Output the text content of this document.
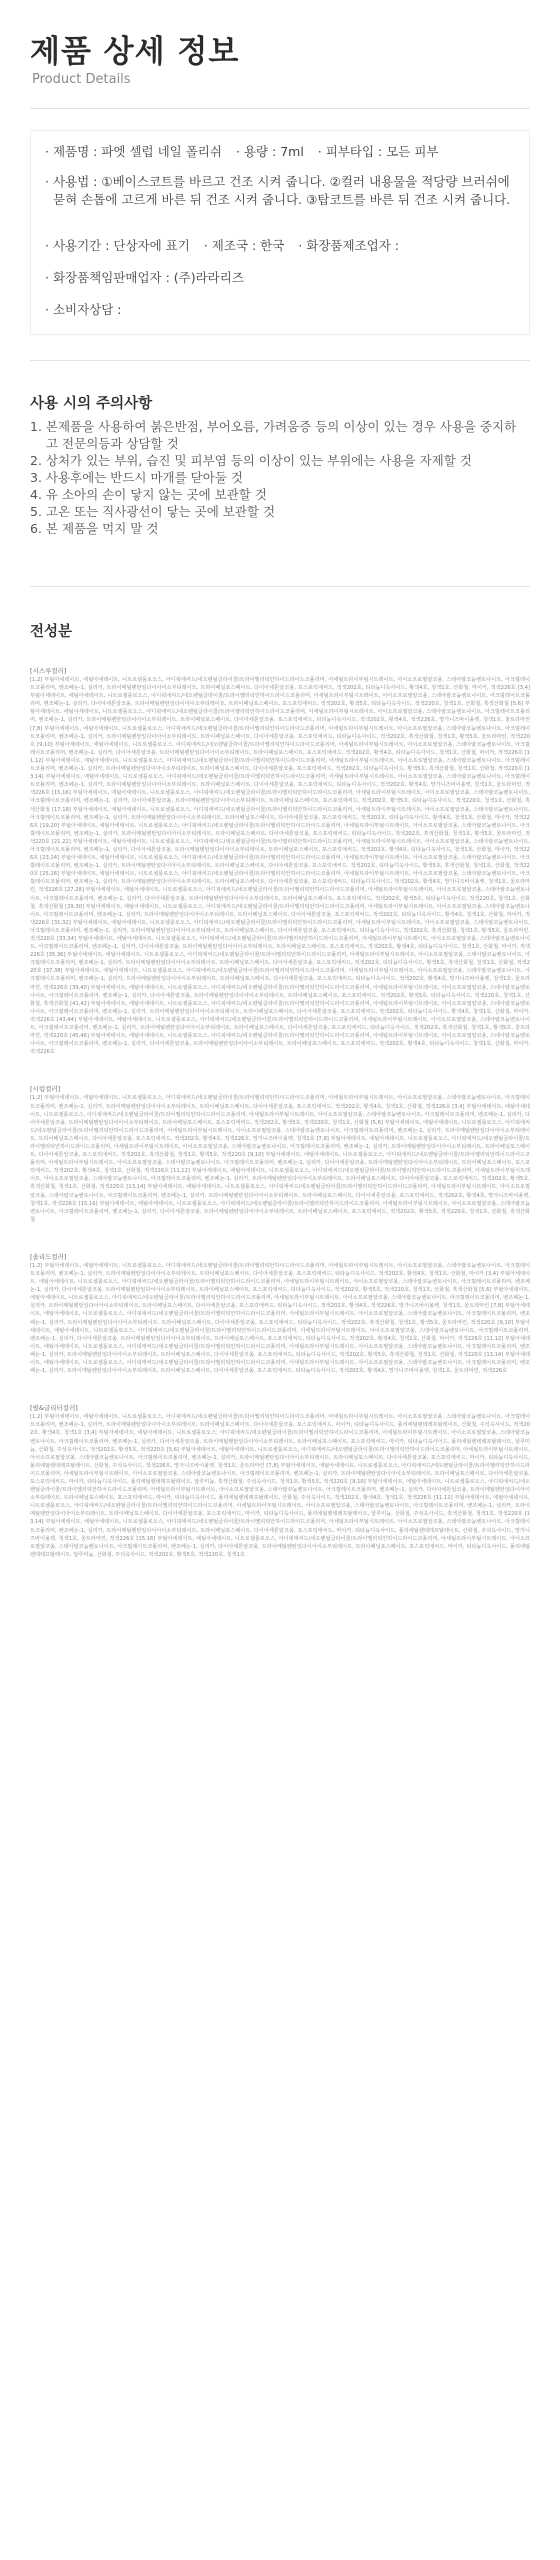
제품 상세 정보
Product Details
· 제품명 : 파엣 셀럽 네일 폴리쉬 · 용량 : 7ml · 피부타입 : 모든 피부
· 사용법 : ①베이스코트를 바르고 건조 시켜 줍니다. ②컬러 내용물을 적당량 브러쉬에 묻혀 손톱에 고르게 바른 뒤 건조 시켜 줍니다. ③탑코트를 바른 뒤 건조 시켜 줍니다.
· 사용기간 : 단상자에 표기 · 제조국 : 한국 · 화장품제조업자 :
· 화장품책임판매업자 : (주)라라리즈
· 소비자상담 :
사용 시의 주의사항
1. 본제품을 사용하여 붉은반점, 부어오름, 가려움증 등의 이상이 있는 경우 사용을 중지하고 전문의등과 상담할 것
2. 상처가 있는 부위, 습진 및 피부염 등의 이상이 있는 부위에는 사용을 자제할 것
3. 사용후에는 반드시 마개를 닫아둘 것
4. 유 소아의 손이 닿지 않는 곳에 보관할 것
5. 고온 또는 직사광선이 닿는 곳에 보관할 것
6. 본 제품을 먹지 말 것
전성분
[시스루컬러]
[1,2] 부틸아세테이트, 에틸아세테이트, 니트로셀룰로오스, 아디픽애씨드/네오펜틸글라이콜/트라이멜리틱안하이드라이드코폴리머, 아세틸트라이부틸시트레이트, 아이소프로필알코올, 스테아랄코늄벤토나이트, 아크릴레이트코폴리머, 벤조페논-1, 실리카, 트라이메틸펜탄일다이아이소부티레이트, 트라이페닐포스페이트, 다이아세톤알코올, 포스포릭애씨드, 적색202호, 티타늄디옥사이드, 황색4호, 청색1호, 산화철, 마이카, 적색226호 [3,4] 부틸아세테이트, 에틸아세테이트, 니트로셀룰로오스, 아디픽애씨드/네오펜틸글라이콜/트라이멜리틱안하이드라이드코폴리머, 아세틸트라이부틸시트레이트, 아이소프로필알코올, 스테아랄코늄벤토나이트, 아크릴레이트코폴리머, 벤조페논-1, 실리카, 다이아세톤알코올, 트라이메틸펜탄일다이아이소부티레이트, 트라이페닐포스페이트, 포스포릭애씨드, 적색202호, 황색5호, 티타늄디옥사이드, 적색220호, 청색1호, 산화철, 흑색산화철 [5,6] 부틸아세테이트, 에틸아세테이트, 니트로셀룰로오스, 아디픽애씨드/네오펜틸글라이콜/트라이멜리틱안하이드라이드코폴리머, 아세틸트라이부틸시트레이트, 아이소프로필알코올, 스테아랄코늄벤토나이트, 아크릴레이트코폴리머, 벤조페논-1, 실리카, 트라이메틸펜탄일다이아이소부티레이트, 트라이페닐포스페이트, 다이아세톤알코올, 포스포릭애씨드, 티타늄디옥사이드, 적색202호, 황색4호, 적색226호, 망가니즈바이올렛, 청색1호, 울트라마린 [7,8] 부틸아세테이트, 에틸아세테이트, 니트로셀룰로오스, 아디픽애씨드/네오펜틸글라이콜/트라이멜리틱안하이드라이드코폴리머, 아세틸트라이부틸시트레이트, 아이소프로필알코올, 스테아랄코늄벤토나이트, 아크릴레이트코폴리머, 벤조페논-1, 실리카, 트라이메틸펜탄일다이아이소부티레이트, 트라이페닐포스페이트, 다이아세톤알코올, 포스포릭애씨드, 티타늄디옥사이드, 적색202호, 흑색산화철, 청색1호, 황색5호, 울트라마린, 적색220호 [9,10] 부틸아세테이트, 에틸아세테이트, 니트로셀룰로오스, 아디픽애씨드/네오펜틸글라이콜/트라이멜리틱안하이드라이드코폴리머, 아세틸트라이부틸시트레이트, 아이소프로필알코올, 스테아랄코늄벤토나이트, 아크릴레이트코폴리머, 벤조페논-1, 실리카, 다이아세톤알코올, 트라이메틸펜탄일다이아이소부티레이트, 트라이페닐포스페이트, 포스포릭애씨드, 적색202호, 황색4호, 티타늄디옥사이드, 청색1호, 산화철, 마이카, 적색226호 [11,12] 부틸아세테이트, 에틸아세테이트, 니트로셀룰로오스, 아디픽애씨드/네오펜틸글라이콜/트라이멜리틱안하이드라이드코폴리머, 아세틸트라이부틸시트레이트, 아이소프로필알코올, 스테아랄코늄벤토나이트, 아크릴레이트코폴리머, 벤조페논-1, 실리카, 트라이메틸펜탄일다이아이소부티레이트, 트라이페닐포스페이트, 다이아세톤알코올, 포스포릭애씨드, 적색202호, 티타늄디옥사이드, 황색5호, 흑색산화철, 청색1호, 산화철, 적색220호 [13,14] 부틸아세테이트, 에틸아세테이트, 니트로셀룰로오스, 아디픽애씨드/네오펜틸글라이콜/트라이멜리틱안하이드라이드코폴리머, 아세틸트라이부틸시트레이트, 아이소프로필알코올, 스테아랄코늄벤토나이트, 아크릴레이트코폴리머, 벤조페논-1, 실리카, 트라이메틸펜탄일다이아이소부티레이트, 트라이페닐포스페이트, 다이아세톤알코올, 포스포릭애씨드, 티타늄디옥사이드, 적색202호, 황색4호, 망가니즈바이올렛, 청색1호, 울트라마린, 적색226호 [15,16] 부틸아세테이트, 에틸아세테이트, 니트로셀룰로오스, 아디픽애씨드/네오펜틸글라이콜/트라이멜리틱안하이드라이드코폴리머, 아세틸트라이부틸시트레이트, 아이소프로필알코올, 스테아랄코늄벤토나이트, 아크릴레이트코폴리머, 벤조페논-1, 실리카, 다이아세톤알코올, 트라이메틸펜탄일다이아이소부티레이트, 트라이페닐포스페이트, 포스포릭애씨드, 적색202호, 황색5호, 티타늄디옥사이드, 적색220호, 청색1호, 산화철, 흑색산화철 [17,18] 부틸아세테이트, 에틸아세테이트, 니트로셀룰로오스, 아디픽애씨드/네오펜틸글라이콜/트라이멜리틱안하이드라이드코폴리머, 아세틸트라이부틸시트레이트, 아이소프로필알코올, 스테아랄코늄벤토나이트, 아크릴레이트코폴리머, 벤조페논-1, 실리카, 트라이메틸펜탄일다이아이소부티레이트, 트라이페닐포스페이트, 다이아세톤알코올, 포스포릭애씨드, 적색202호, 티타늄디옥사이드, 황색4호, 청색1호, 산화철, 마이카, 적색226호 [19,20] 부틸아세테이트, 에틸아세테이트, 니트로셀룰로오스, 아디픽애씨드/네오펜틸글라이콜/트라이멜리틱안하이드라이드코폴리머, 아세틸트라이부틸시트레이트, 아이소프로필알코올, 스테아랄코늄벤토나이트, 아크릴레이트코폴리머, 벤조페논-1, 실리카, 트라이메틸펜탄일다이아이소부티레이트, 트라이페닐포스페이트, 다이아세톤알코올, 포스포릭애씨드, 티타늄디옥사이드, 적색202호, 흑색산화철, 청색1호, 황색5호, 울트라마린, 적색220호 [21,22] 부틸아세테이트, 에틸아세테이트, 니트로셀룰로오스, 아디픽애씨드/네오펜틸글라이콜/트라이멜리틱안하이드라이드코폴리머, 아세틸트라이부틸시트레이트, 아이소프로필알코올, 스테아랄코늄벤토나이트, 아크릴레이트코폴리머, 벤조페논-1, 실리카, 다이아세톤알코올, 트라이메틸펜탄일다이아이소부티레이트, 트라이페닐포스페이트, 포스포릭애씨드, 적색202호, 황색4호, 티타늄디옥사이드, 청색1호, 산화철, 마이카, 적색226호 [23,24] 부틸아세테이트, 에틸아세테이트, 니트로셀룰로오스, 아디픽애씨드/네오펜틸글라이콜/트라이멜리틱안하이드라이드코폴리머, 아세틸트라이부틸시트레이트, 아이소프로필알코올, 스테아랄코늄벤토나이트, 아크릴레이트코폴리머, 벤조페논-1, 실리카, 트라이메틸펜탄일다이아이소부티레이트, 트라이페닐포스페이트, 다이아세톤알코올, 포스포릭애씨드, 적색202호, 티타늄디옥사이드, 황색5호, 흑색산화철, 청색1호, 산화철, 적색220호 [25,26] 부틸아세테이트, 에틸아세테이트, 니트로셀룰로오스, 아디픽애씨드/네오펜틸글라이콜/트라이멜리틱안하이드라이드코폴리머, 아세틸트라이부틸시트레이트, 아이소프로필알코올, 스테아랄코늄벤토나이트, 아크릴레이트코폴리머, 벤조페논-1, 실리카, 트라이메틸펜탄일다이아이소부티레이트, 트라이페닐포스페이트, 다이아세톤알코올, 포스포릭애씨드, 티타늄디옥사이드, 적색202호, 황색4호, 망가니즈바이올렛, 청색1호, 울트라마린, 적색226호 [27,28] 부틸아세테이트, 에틸아세테이트, 니트로셀룰로오스, 아디픽애씨드/네오펜틸글라이콜/트라이멜리틱안하이드라이드코폴리머, 아세틸트라이부틸시트레이트, 아이소프로필알코올, 스테아랄코늄벤토나이트, 아크릴레이트코폴리머, 벤조페논-1, 실리카, 다이아세톤알코올, 트라이메틸펜탄일다이아이소부티레이트, 트라이페닐포스페이트, 포스포릭애씨드, 적색202호, 황색5호, 티타늄디옥사이드, 적색220호, 청색1호, 산화철, 흑색산화철 [29,30] 부틸아세테이트, 에틸아세테이트, 니트로셀룰로오스, 아디픽애씨드/네오펜틸글라이콜/트라이멜리틱안하이드라이드코폴리머, 아세틸트라이부틸시트레이트, 아이소프로필알코올, 스테아랄코늄벤토나이트, 아크릴레이트코폴리머, 벤조페논-1, 실리카, 트라이메틸펜탄일다이아이소부티레이트, 트라이페닐포스페이트, 다이아세톤알코올, 포스포릭애씨드, 적색202호, 티타늄디옥사이드, 황색4호, 청색1호, 산화철, 마이카, 적색226호 [31,32] 부틸아세테이트, 에틸아세테이트, 니트로셀룰로오스, 아디픽애씨드/네오펜틸글라이콜/트라이멜리틱안하이드라이드코폴리머, 아세틸트라이부틸시트레이트, 아이소프로필알코올, 스테아랄코늄벤토나이트, 아크릴레이트코폴리머, 벤조페논-1, 실리카, 트라이메틸펜탄일다이아이소부티레이트, 트라이페닐포스페이트, 다이아세톤알코올, 포스포릭애씨드, 티타늄디옥사이드, 적색202호, 흑색산화철, 청색1호, 황색5호, 울트라마린, 적색220호 [33,34] 부틸아세테이트, 에틸아세테이트, 니트로셀룰로오스, 아디픽애씨드/네오펜틸글라이콜/트라이멜리틱안하이드라이드코폴리머, 아세틸트라이부틸시트레이트, 아이소프로필알코올, 스테아랄코늄벤토나이트, 아크릴레이트코폴리머, 벤조페논-1, 실리카, 다이아세톤알코올, 트라이메틸펜탄일다이아이소부티레이트, 트라이페닐포스페이트, 포스포릭애씨드, 적색202호, 황색4호, 티타늄디옥사이드, 청색1호, 산화철, 마이카, 적색226호 [35,36] 부틸아세테이트, 에틸아세테이트, 니트로셀룰로오스, 아디픽애씨드/네오펜틸글라이콜/트라이멜리틱안하이드라이드코폴리머, 아세틸트라이부틸시트레이트, 아이소프로필알코올, 스테아랄코늄벤토나이트, 아크릴레이트코폴리머, 벤조페논-1, 실리카, 트라이메틸펜탄일다이아이소부티레이트, 트라이페닐포스페이트, 다이아세톤알코올, 포스포릭애씨드, 적색202호, 티타늄디옥사이드, 황색5호, 흑색산화철, 청색1호, 산화철, 적색220호 [37,38] 부틸아세테이트, 에틸아세테이트, 니트로셀룰로오스, 아디픽애씨드/네오펜틸글라이콜/트라이멜리틱안하이드라이드코폴리머, 아세틸트라이부틸시트레이트, 아이소프로필알코올, 스테아랄코늄벤토나이트, 아크릴레이트코폴리머, 벤조페논-1, 실리카, 트라이메틸펜탄일다이아이소부티레이트, 트라이페닐포스페이트, 다이아세톤알코올, 포스포릭애씨드, 티타늄디옥사이드, 적색202호, 황색4호, 망가니즈바이올렛, 청색1호, 울트라마린, 적색226호 [39,40] 부틸아세테이트, 에틸아세테이트, 니트로셀룰로오스, 아디픽애씨드/네오펜틸글라이콜/트라이멜리틱안하이드라이드코폴리머, 아세틸트라이부틸시트레이트, 아이소프로필알코올, 스테아랄코늄벤토나이트, 아크릴레이트코폴리머, 벤조페논-1, 실리카, 다이아세톤알코올, 트라이메틸펜탄일다이아이소부티레이트, 트라이페닐포스페이트, 포스포릭애씨드, 적색202호, 황색5호, 티타늄디옥사이드, 적색220호, 청색1호, 산화철, 흑색산화철 [41,42] 부틸아세테이트, 에틸아세테이트, 니트로셀룰로오스, 아디픽애씨드/네오펜틸글라이콜/트라이멜리틱안하이드라이드코폴리머, 아세틸트라이부틸시트레이트, 아이소프로필알코올, 스테아랄코늄벤토나이트, 아크릴레이트코폴리머, 벤조페논-1, 실리카, 트라이메틸펜탄일다이아이소부티레이트, 트라이페닐포스페이트, 다이아세톤알코올, 포스포릭애씨드, 적색202호, 티타늄디옥사이드, 황색4호, 청색1호, 산화철, 마이카, 적색226호 [43,44] 부틸아세테이트, 에틸아세테이트, 니트로셀룰로오스, 아디픽애씨드/네오펜틸글라이콜/트라이멜리틱안하이드라이드코폴리머, 아세틸트라이부틸시트레이트, 아이소프로필알코올, 스테아랄코늄벤토나이트, 아크릴레이트코폴리머, 벤조페논-1, 실리카, 트라이메틸펜탄일다이아이소부티레이트, 트라이페닐포스페이트, 다이아세톤알코올, 포스포릭애씨드, 티타늄디옥사이드, 적색202호, 흑색산화철, 청색1호, 황색5호, 울트라마린, 적색220호 [45,46] 부틸아세테이트, 에틸아세테이트, 니트로셀룰로오스, 아디픽애씨드/네오펜틸글라이콜/트라이멜리틱안하이드라이드코폴리머, 아세틸트라이부틸시트레이트, 아이소프로필알코올, 스테아랄코늄벤토나이트, 아크릴레이트코폴리머, 벤조페논-1, 실리카, 다이아세톤알코올, 트라이메틸펜탄일다이아이소부티레이트, 트라이페닐포스페이트, 포스포릭애씨드, 적색202호, 황색4호, 티타늄디옥사이드, 청색1호, 산화철, 마이카, 적색226호
[시럽컬러]
[1,2] 부틸아세테이트, 에틸아세테이트, 니트로셀룰로오스, 아디픽애씨드/네오펜틸글라이콜/트라이멜리틱안하이드라이드코폴리머, 아세틸트라이부틸시트레이트, 아이소프로필알코올, 스테아랄코늄벤토나이트, 아크릴레이트코폴리머, 벤조페논-1, 실리카, 트라이메틸펜탄일다이아이소부티레이트, 트라이페닐포스페이트, 다이아세톤알코올, 포스포릭애씨드, 적색202호, 황색4호, 청색1호, 산화철, 적색226호 [3,4] 부틸아세테이트, 에틸아세테이트, 니트로셀룰로오스, 아디픽애씨드/네오펜틸글라이콜/트라이멜리틱안하이드라이드코폴리머, 아세틸트라이부틸시트레이트, 아이소프로필알코올, 스테아랄코늄벤토나이트, 아크릴레이트코폴리머, 벤조페논-1, 실리카, 다이아세톤알코올, 트라이메틸펜탄일다이아이소부티레이트, 트라이페닐포스페이트, 포스포릭애씨드, 적색202호, 황색5호, 적색220호, 청색1호, 산화철 [5,6] 부틸아세테이트, 에틸아세테이트, 니트로셀룰로오스, 아디픽애씨드/네오펜틸글라이콜/트라이멜리틱안하이드라이드코폴리머, 아세틸트라이부틸시트레이트, 아이소프로필알코올, 스테아랄코늄벤토나이트, 아크릴레이트코폴리머, 벤조페논-1, 실리카, 트라이메틸펜탄일다이아이소부티레이트, 트라이페닐포스페이트, 다이아세톤알코올, 포스포릭애씨드, 적색202호, 황색4호, 적색226호, 망가니즈바이올렛, 청색1호 [7,8] 부틸아세테이트, 에틸아세테이트, 니트로셀룰로오스, 아디픽애씨드/네오펜틸글라이콜/트라이멜리틱안하이드라이드코폴리머, 아세틸트라이부틸시트레이트, 아이소프로필알코올, 스테아랄코늄벤토나이트, 아크릴레이트코폴리머, 벤조페논-1, 실리카, 트라이메틸펜탄일다이아이소부티레이트, 트라이페닐포스페이트, 다이아세톤알코올, 포스포릭애씨드, 적색202호, 흑색산화철, 청색1호, 황색5호, 적색220호 [9,10] 부틸아세테이트, 에틸아세테이트, 니트로셀룰로오스, 아디픽애씨드/네오펜틸글라이콜/트라이멜리틱안하이드라이드코폴리머, 아세틸트라이부틸시트레이트, 아이소프로필알코올, 스테아랄코늄벤토나이트, 아크릴레이트코폴리머, 벤조페논-1, 실리카, 다이아세톤알코올, 트라이메틸펜탄일다이아이소부티레이트, 트라이페닐포스페이트, 포스포릭애씨드, 적색202호, 황색4호, 청색1호, 산화철, 적색226호 [11,12] 부틸아세테이트, 에틸아세테이트, 니트로셀룰로오스, 아디픽애씨드/네오펜틸글라이콜/트라이멜리틱안하이드라이드코폴리머, 아세틸트라이부틸시트레이트, 아이소프로필알코올, 스테아랄코늄벤토나이트, 아크릴레이트코폴리머, 벤조페논-1, 실리카, 트라이메틸펜탄일다이아이소부티레이트, 트라이페닐포스페이트, 다이아세톤알코올, 포스포릭애씨드, 적색202호, 황색5호, 흑색산화철, 청색1호, 산화철, 적색220호 [13,14] 부틸아세테이트, 에틸아세테이트, 니트로셀룰로오스, 아디픽애씨드/네오펜틸글라이콜/트라이멜리틱안하이드라이드코폴리머, 아세틸트라이부틸시트레이트, 아이소프로필알코올, 스테아랄코늄벤토나이트, 아크릴레이트코폴리머, 벤조페논-1, 실리카, 트라이메틸펜탄일다이아이소부티레이트, 트라이페닐포스페이트, 다이아세톤알코올, 포스포릭애씨드, 적색202호, 황색4호, 망가니즈바이올렛, 청색1호, 적색226호 [15,16] 부틸아세테이트, 에틸아세테이트, 니트로셀룰로오스, 아디픽애씨드/네오펜틸글라이콜/트라이멜리틱안하이드라이드코폴리머, 아세틸트라이부틸시트레이트, 아이소프로필알코올, 스테아랄코늄벤토나이트, 아크릴레이트코폴리머, 벤조페논-1, 실리카, 다이아세톤알코올, 트라이메틸펜탄일다이아이소부티레이트, 트라이페닐포스페이트, 포스포릭애씨드, 적색202호, 황색5호, 적색220호, 청색1호, 산화철, 흑색산화철
[솔리드컬러]
[1,2] 부틸아세테이트, 에틸아세테이트, 니트로셀룰로오스, 아디픽애씨드/네오펜틸글라이콜/트라이멜리틱안하이드라이드코폴리머, 아세틸트라이부틸시트레이트, 아이소프로필알코올, 스테아랄코늄벤토나이트, 아크릴레이트코폴리머, 벤조페논-1, 실리카, 트라이메틸펜탄일다이아이소부티레이트, 트라이페닐포스페이트, 다이아세톤알코올, 포스포릭애씨드, 티타늄디옥사이드, 적색202호, 황색4호, 청색1호, 산화철, 마이카 [3,4] 부틸아세테이트, 에틸아세테이트, 니트로셀룰로오스, 아디픽애씨드/네오펜틸글라이콜/트라이멜리틱안하이드라이드코폴리머, 아세틸트라이부틸시트레이트, 아이소프로필알코올, 스테아랄코늄벤토나이트, 아크릴레이트코폴리머, 벤조페논-1, 실리카, 다이아세톤알코올, 트라이메틸펜탄일다이아이소부티레이트, 트라이페닐포스페이트, 포스포릭애씨드, 티타늄디옥사이드, 적색202호, 황색5호, 적색220호, 청색1호, 산화철, 흑색산화철 [5,6] 부틸아세테이트, 에틸아세테이트, 니트로셀룰로오스, 아디픽애씨드/네오펜틸글라이콜/트라이멜리틱안하이드라이드코폴리머, 아세틸트라이부틸시트레이트, 아이소프로필알코올, 스테아랄코늄벤토나이트, 아크릴레이트코폴리머, 벤조페논-1, 실리카, 트라이메틸펜탄일다이아이소부티레이트, 트라이페닐포스페이트, 다이아세톤알코올, 포스포릭애씨드, 티타늄디옥사이드, 적색202호, 황색4호, 적색226호, 망가니즈바이올렛, 청색1호, 울트라마린 [7,8] 부틸아세테이트, 에틸아세테이트, 니트로셀룰로오스, 아디픽애씨드/네오펜틸글라이콜/트라이멜리틱안하이드라이드코폴리머, 아세틸트라이부틸시트레이트, 아이소프로필알코올, 스테아랄코늄벤토나이트, 아크릴레이트코폴리머, 벤조페논-1, 실리카, 트라이메틸펜탄일다이아이소부티레이트, 트라이페닐포스페이트, 다이아세톤알코올, 포스포릭애씨드, 티타늄디옥사이드, 적색202호, 흑색산화철, 청색1호, 황색5호, 울트라마린, 적색220호 [9,10] 부틸아세테이트, 에틸아세테이트, 니트로셀룰로오스, 아디픽애씨드/네오펜틸글라이콜/트라이멜리틱안하이드라이드코폴리머, 아세틸트라이부틸시트레이트, 아이소프로필알코올, 스테아랄코늄벤토나이트, 아크릴레이트코폴리머, 벤조페논-1, 실리카, 다이아세톤알코올, 트라이메틸펜탄일다이아이소부티레이트, 트라이페닐포스페이트, 포스포릭애씨드, 티타늄디옥사이드, 적색202호, 황색4호, 청색1호, 산화철, 마이카, 적색226호 [11,12] 부틸아세테이트, 에틸아세테이트, 니트로셀룰로오스, 아디픽애씨드/네오펜틸글라이콜/트라이멜리틱안하이드라이드코폴리머, 아세틸트라이부틸시트레이트, 아이소프로필알코올, 스테아랄코늄벤토나이트, 아크릴레이트코폴리머, 벤조페논-1, 실리카, 트라이메틸펜탄일다이아이소부티레이트, 트라이페닐포스페이트, 다이아세톤알코올, 포스포릭애씨드, 티타늄디옥사이드, 적색202호, 황색5호, 흑색산화철, 청색1호, 산화철, 적색220호 [13,14] 부틸아세테이트, 에틸아세테이트, 니트로셀룰로오스, 아디픽애씨드/네오펜틸글라이콜/트라이멜리틱안하이드라이드코폴리머, 아세틸트라이부틸시트레이트, 아이소프로필알코올, 스테아랄코늄벤토나이트, 아크릴레이트코폴리머, 벤조페논-1, 실리카, 트라이메틸펜탄일다이아이소부티레이트, 트라이페닐포스페이트, 다이아세톤알코올, 포스포릭애씨드, 티타늄디옥사이드, 적색202호, 황색4호, 망가니즈바이올렛, 청색1호, 울트라마린, 적색226호
[펄&글리터컬러]
[1,2] 부틸아세테이트, 에틸아세테이트, 니트로셀룰로오스, 아디픽애씨드/네오펜틸글라이콜/트라이멜리틱안하이드라이드코폴리머, 아세틸트라이부틸시트레이트, 아이소프로필알코올, 스테아랄코늄벤토나이트, 아크릴레이트코폴리머, 벤조페논-1, 실리카, 트라이메틸펜탄일다이아이소부티레이트, 트라이페닐포스페이트, 다이아세톤알코올, 포스포릭애씨드, 마이카, 티타늄디옥사이드, 폴리에틸렌테레프탈레이트, 산화철, 주석옥사이드, 적색202호, 황색4호, 청색1호 [3,4] 부틸아세테이트, 에틸아세테이트, 니트로셀룰로오스, 아디픽애씨드/네오펜틸글라이콜/트라이멜리틱안하이드라이드코폴리머, 아세틸트라이부틸시트레이트, 아이소프로필알코올, 스테아랄코늄벤토나이트, 아크릴레이트코폴리머, 벤조페논-1, 실리카, 다이아세톤알코올, 트라이메틸펜탄일다이아이소부티레이트, 트라이페닐포스페이트, 포스포릭애씨드, 마이카, 티타늄디옥사이드, 폴리에틸렌테레프탈레이트, 알루미늄, 산화철, 주석옥사이드, 적색202호, 황색5호, 적색220호 [5,6] 부틸아세테이트, 에틸아세테이트, 니트로셀룰로오스, 아디픽애씨드/네오펜틸글라이콜/트라이멜리틱안하이드라이드코폴리머, 아세틸트라이부틸시트레이트, 아이소프로필알코올, 스테아랄코늄벤토나이트, 아크릴레이트코폴리머, 벤조페논-1, 실리카, 트라이메틸펜탄일다이아이소부티레이트, 트라이페닐포스페이트, 다이아세톤알코올, 포스포릭애씨드, 마이카, 티타늄디옥사이드, 폴리에틸렌테레프탈레이트, 산화철, 주석옥사이드, 적색226호, 망가니즈바이올렛, 청색1호, 울트라마린 [7,8] 부틸아세테이트, 에틸아세테이트, 니트로셀룰로오스, 아디픽애씨드/네오펜틸글라이콜/트라이멜리틱안하이드라이드코폴리머, 아세틸트라이부틸시트레이트, 아이소프로필알코올, 스테아랄코늄벤토나이트, 아크릴레이트코폴리머, 벤조페논-1, 실리카, 트라이메틸펜탄일다이아이소부티레이트, 트라이페닐포스페이트, 다이아세톤알코올, 포스포릭애씨드, 마이카, 티타늄디옥사이드, 폴리에틸렌테레프탈레이트, 알루미늄, 흑색산화철, 주석옥사이드, 청색1호, 황색5호, 적색220호 [9,10] 부틸아세테이트, 에틸아세테이트, 니트로셀룰로오스, 아디픽애씨드/네오펜틸글라이콜/트라이멜리틱안하이드라이드코폴리머, 아세틸트라이부틸시트레이트, 아이소프로필알코올, 스테아랄코늄벤토나이트, 아크릴레이트코폴리머, 벤조페논-1, 실리카, 다이아세톤알코올, 트라이메틸펜탄일다이아이소부티레이트, 트라이페닐포스페이트, 포스포릭애씨드, 마이카, 티타늄디옥사이드, 폴리에틸렌테레프탈레이트, 산화철, 주석옥사이드, 적색202호, 황색4호, 청색1호, 적색226호 [11,12] 부틸아세테이트, 에틸아세테이트, 니트로셀룰로오스, 아디픽애씨드/네오펜틸글라이콜/트라이멜리틱안하이드라이드코폴리머, 아세틸트라이부틸시트레이트, 아이소프로필알코올, 스테아랄코늄벤토나이트, 아크릴레이트코폴리머, 벤조페논-1, 실리카, 트라이메틸펜탄일다이아이소부티레이트, 트라이페닐포스페이트, 다이아세톤알코올, 포스포릭애씨드, 마이카, 티타늄디옥사이드, 폴리에틸렌테레프탈레이트, 알루미늄, 산화철, 주석옥사이드, 흑색산화철, 청색1호, 적색220호 [13,14] 부틸아세테이트, 에틸아세테이트, 니트로셀룰로오스, 아디픽애씨드/네오펜틸글라이콜/트라이멜리틱안하이드라이드코폴리머, 아세틸트라이부틸시트레이트, 아이소프로필알코올, 스테아랄코늄벤토나이트, 아크릴레이트코폴리머, 벤조페논-1, 실리카, 트라이메틸펜탄일다이아이소부티레이트, 트라이페닐포스페이트, 다이아세톤알코올, 포스포릭애씨드, 마이카, 티타늄디옥사이드, 폴리에틸렌테레프탈레이트, 산화철, 주석옥사이드, 망가니즈바이올렛, 청색1호, 울트라마린, 적색226호 [15,16] 부틸아세테이트, 에틸아세테이트, 니트로셀룰로오스, 아디픽애씨드/네오펜틸글라이콜/트라이멜리틱안하이드라이드코폴리머, 아세틸트라이부틸시트레이트, 아이소프로필알코올, 스테아랄코늄벤토나이트, 아크릴레이트코폴리머, 벤조페논-1, 실리카, 다이아세톤알코올, 트라이메틸펜탄일다이아이소부티레이트, 트라이페닐포스페이트, 포스포릭애씨드, 마이카, 티타늄디옥사이드, 폴리에틸렌테레프탈레이트, 알루미늄, 산화철, 주석옥사이드, 적색202호, 황색5호, 적색220호, 청색1호
